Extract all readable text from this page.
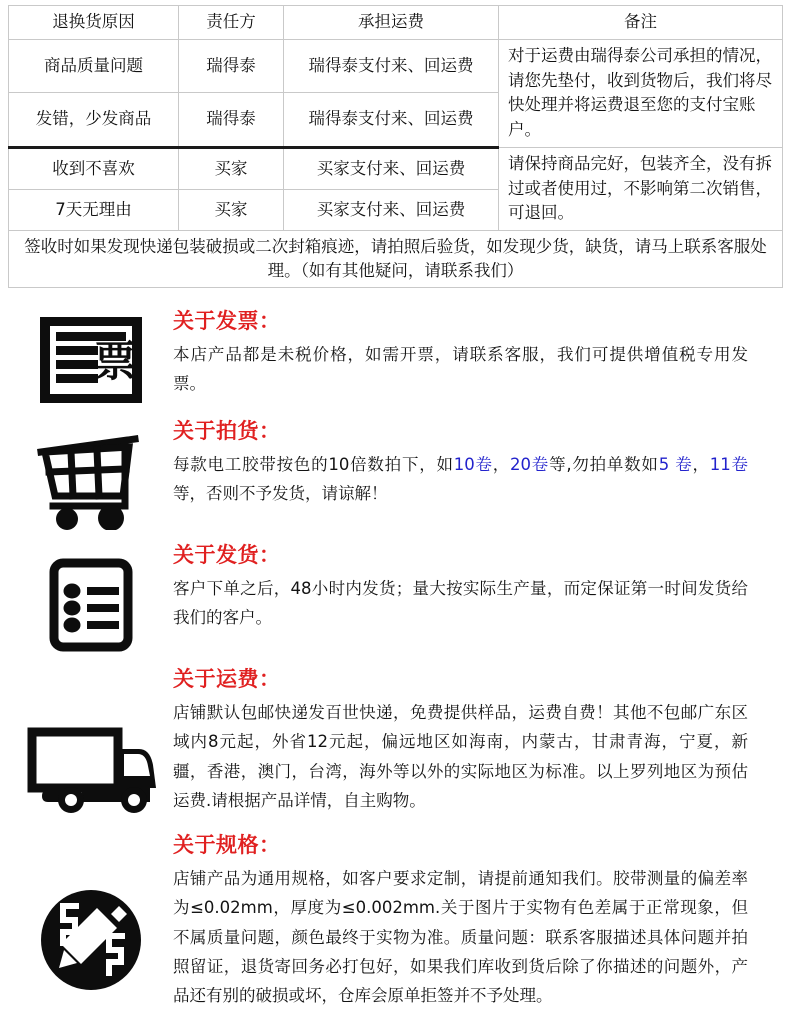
退换货原因	责任方	承担运费	备注
商品质量问题	瑞得泰	瑞得泰支付来、回运费	对于运费由瑞得泰公司承担的情况，请您先垫付，收到货物后，我们将尽快处理并将运费退至您的支付宝账户。
发错，少发商品	瑞得泰	瑞得泰支付来、回运费	
收到不喜欢	买家	买家支付来、回运费	请保持商品完好，包装齐全，没有拆过或者使用过，不影响第二次销售，可退回。
7天无理由	买家	买家支付来、回运费	
签收时如果发现快递包装破损或二次封箱痕迹，请拍照后验货，如发现少货，缺货，请马上联系客服处理。（如有其他疑问，请联系我们）			
票

关于发票：

本店产品都是未税价格，如需开票，请联系客服，我们可提供增值税专用发票。

关于拍货：

每款电工胶带按色的10倍数拍下，如10卷，20卷等,勿拍单数如5 卷，11卷等，否则不予发货，请谅解！

关于发货：

客户下单之后，48小时内发货；量大按实际生产量，而定保证第一时间发货给我们的客户。

关于运费：

店铺默认包邮快递发百世快递，免费提供样品，运费自费！其他不包邮广东区域内8元起，外省12元起，偏远地区如海南，内蒙古，甘肃青海，宁夏，新疆，香港，澳门，台湾，海外等以外的实际地区为标准。以上罗列地区为预估运费.请根据产品详情，自主购物。

关于规格：

店铺产品为通用规格，如客户要求定制，请提前通知我们。胶带测量的偏差率为≤0.02mm，厚度为≤0.002mm.关于图片于实物有色差属于正常现象，但不属质量问题，颜色最终于实物为准。质量问题：联系客服描述具体问题并拍照留证，退货寄回务必打包好，如果我们库收到货后除了你描述的问题外，产品还有别的破损或坏，仓库会原单拒签并不予处理。
